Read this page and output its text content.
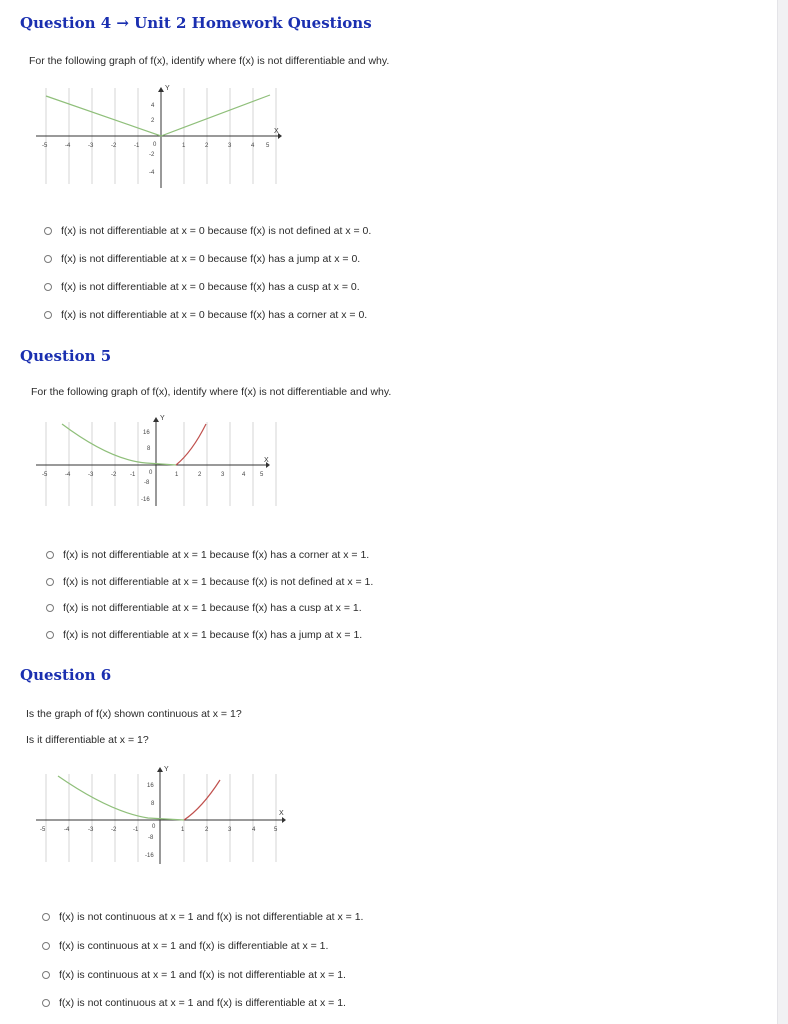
Question 4 → Unit 2 Homework Questions
For the following graph of f(x), identify where f(x) is not differentiable and why.
X
Y
-5	-4	-3	-2	-1 0	1	2	3	4 5
4
2
-2
-4
f(x) is not differentiable at x = 0 because f(x) is not defined at x = 0.
f(x) is not differentiable at x = 0 because f(x) has a jump at x = 0.
f(x) is not differentiable at x = 0 because f(x) has a cusp at x = 0.
f(x) is not differentiable at x = 0 because f(x) has a corner at x = 0.
Question 5
For the following graph of f(x), identify where f(x) is not differentiable and why.
X
Y
-5	-4	-3	-2 -1 0	1	2	3	4 5
16
8
-8
-16
f(x) is not differentiable at x = 1 because f(x) has a corner at x = 1.
f(x) is not differentiable at x = 1 because f(x) is not defined at x = 1.
f(x) is not differentiable at x = 1 because f(x) has a cusp at x = 1.
f(x) is not differentiable at x = 1 because f(x) has a jump at x = 1.
Question 6
Is the graph of f(x) shown continuous at x = 1?
Is it differentiable at x = 1?
X
Y
-5	-4	-3	-2	-1 0	1	2	3	4	5
16
8
-8
-16
f(x) is not continuous at x = 1 and f(x) is not differentiable at x = 1.
f(x) is continuous at x = 1 and f(x) is differentiable at x = 1.
f(x) is continuous at x = 1 and f(x) is not differentiable at x = 1.
f(x) is not continuous at x = 1 and f(x) is differentiable at x = 1.
